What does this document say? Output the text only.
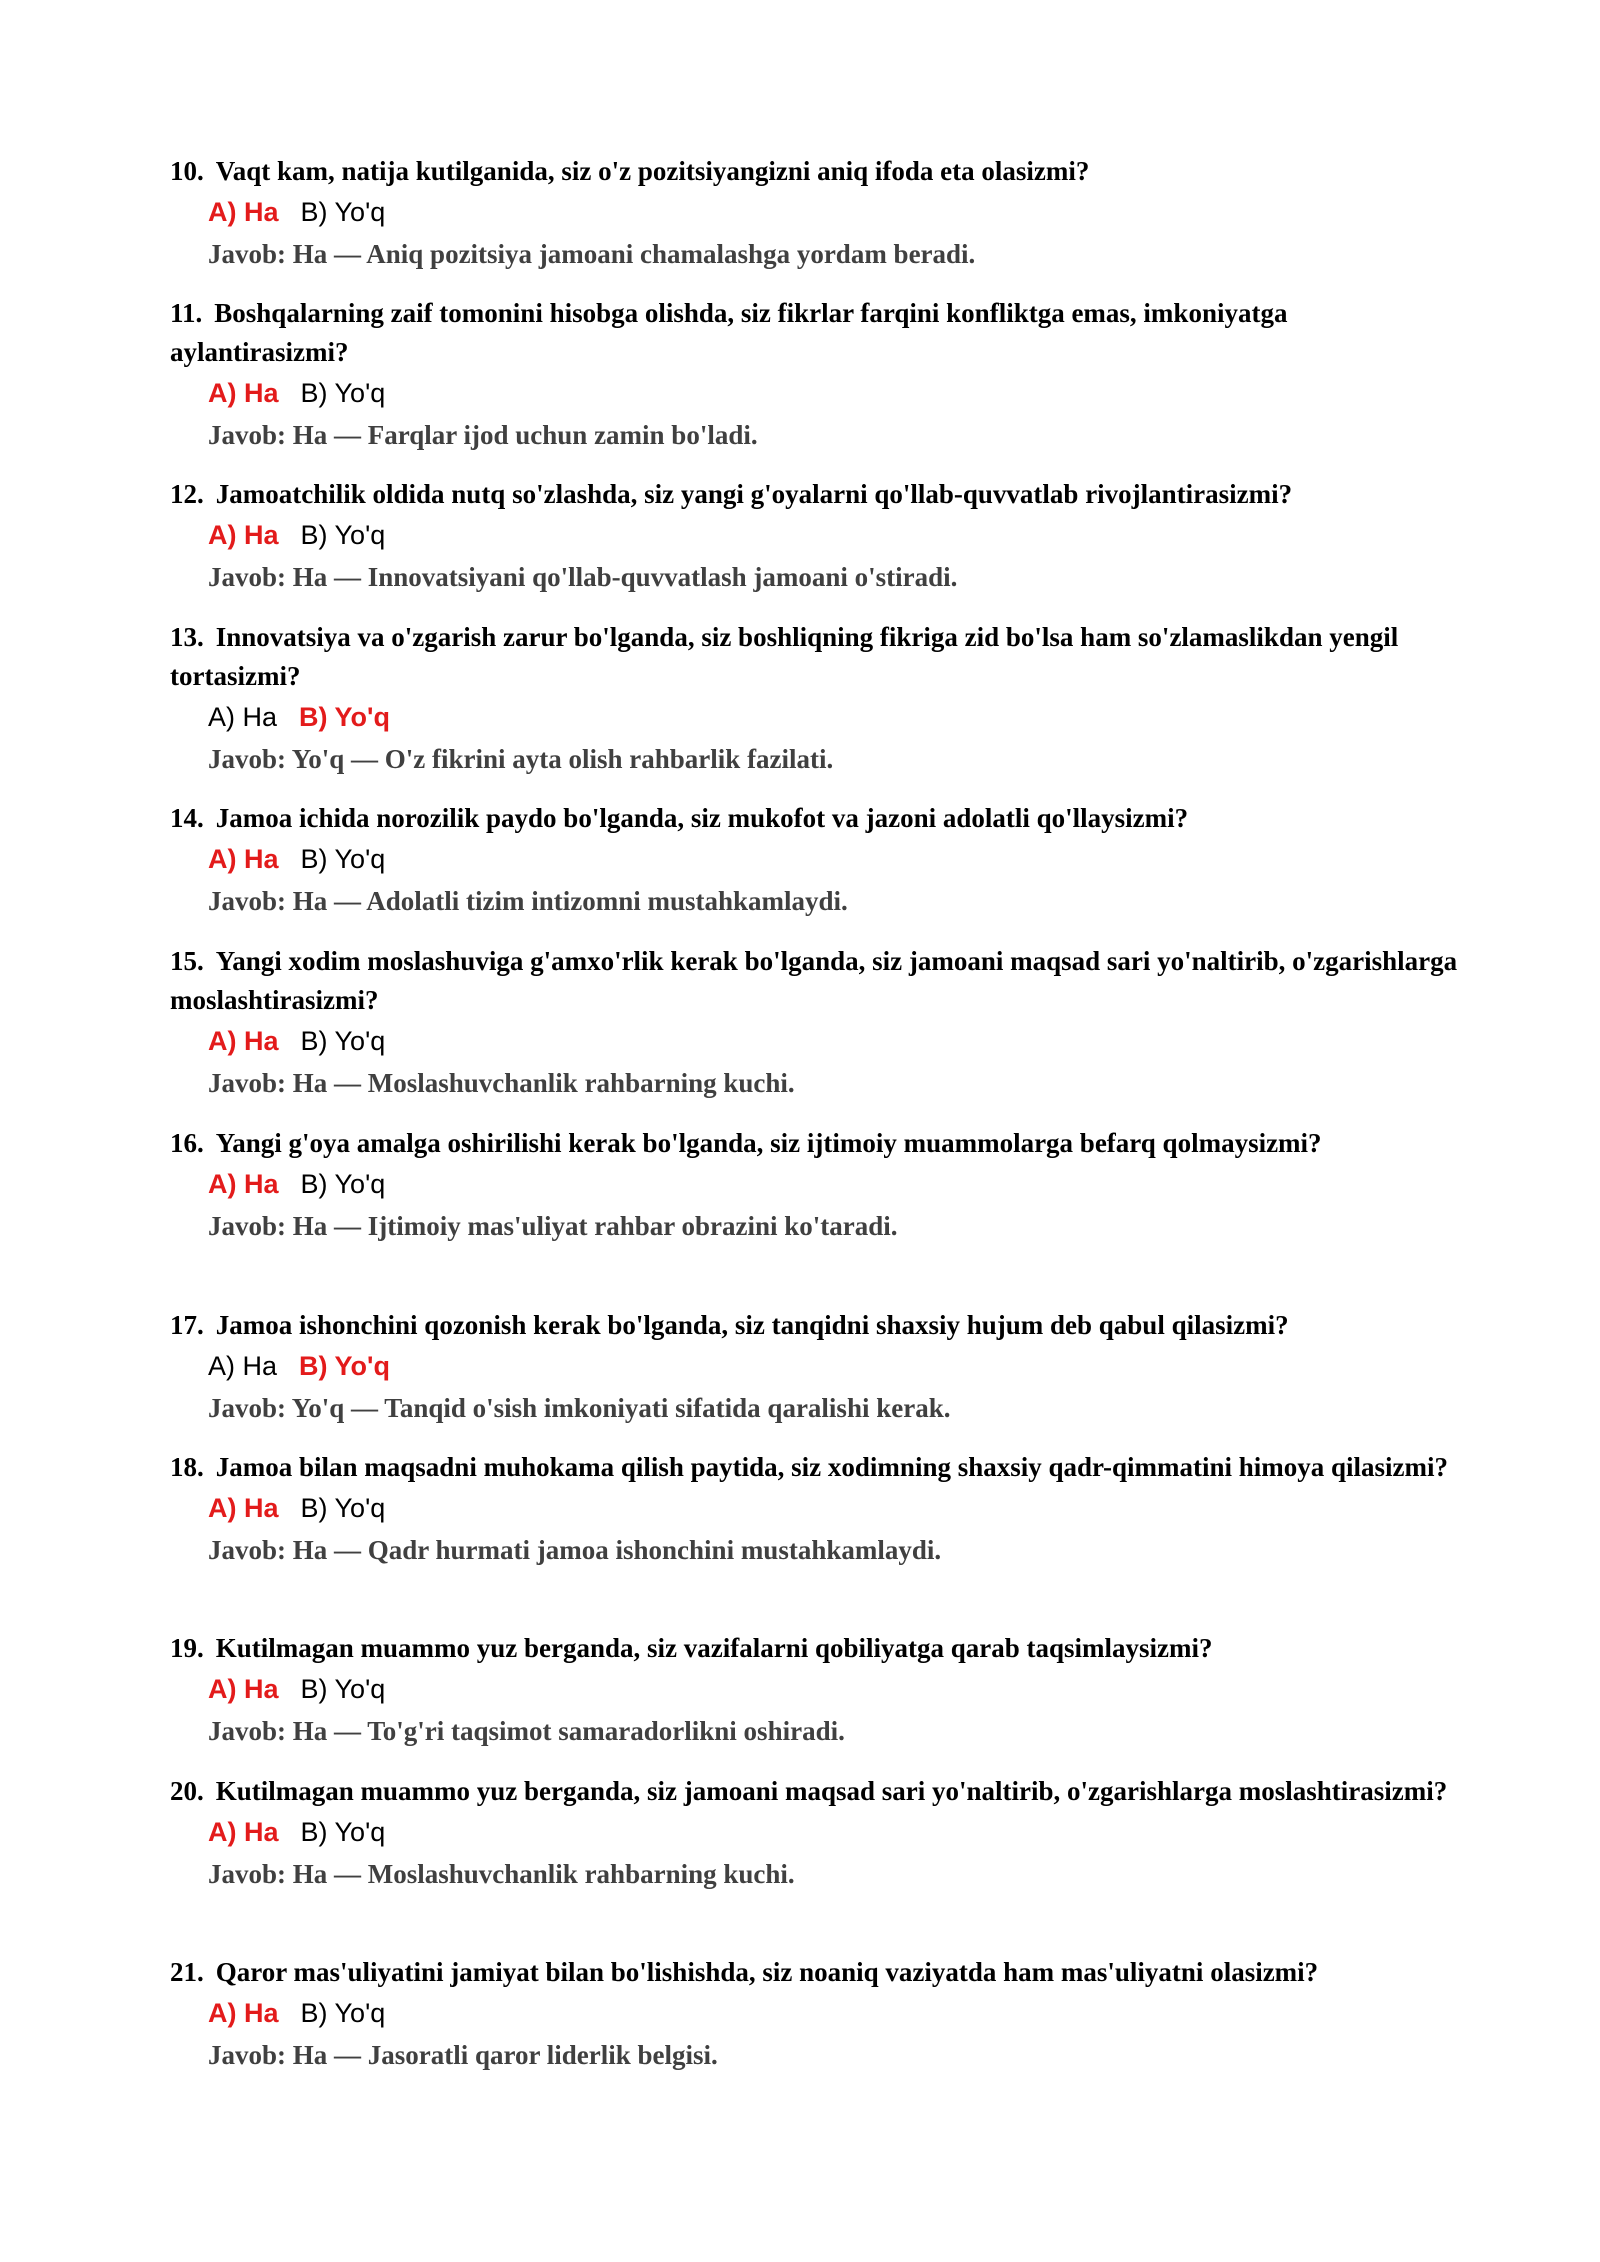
10. Vaqt kam, natija kutilganida, siz o'z pozitsiyangizni aniq ifoda eta olasizmi?

A) Ha B) Yo'q
Javob: Ha — Aniq pozitsiya jamoani chamalashga yordam beradi.

11. Boshqalarning zaif tomonini hisobga olishda, siz fikrlar farqini konfliktga emas, imkoniyatga aylantirasizmi?

A) Ha B) Yo'q
Javob: Ha — Farqlar ijod uchun zamin bo'ladi.

12. Jamoatchilik oldida nutq so'zlashda, siz yangi g'oyalarni qo'llab-quvvatlab rivojlantirasizmi?

A) Ha B) Yo'q
Javob: Ha — Innovatsiyani qo'llab-quvvatlash jamoani o'stiradi.

13. Innovatsiya va o'zgarish zarur bo'lganda, siz boshliqning fikriga zid bo'lsa ham so'zlamaslikdan yengil tortasizmi?

A) Ha B) Yo'q
Javob: Yo'q — O'z fikrini ayta olish rahbarlik fazilati.

14. Jamoa ichida norozilik paydo bo'lganda, siz mukofot va jazoni adolatli qo'llaysizmi?

A) Ha B) Yo'q
Javob: Ha — Adolatli tizim intizomni mustahkamlaydi.

15. Yangi xodim moslashuviga g'amxo'rlik kerak bo'lganda, siz jamoani maqsad sari yo'naltirib, o'zgarishlarga moslashtirasizmi?

A) Ha B) Yo'q
Javob: Ha — Moslashuvchanlik rahbarning kuchi.

16. Yangi g'oya amalga oshirilishi kerak bo'lganda, siz ijtimoiy muammolarga befarq qolmaysizmi?

A) Ha B) Yo'q
Javob: Ha — Ijtimoiy mas'uliyat rahbar obrazini ko'taradi.

17. Jamoa ishonchini qozonish kerak bo'lganda, siz tanqidni shaxsiy hujum deb qabul qilasizmi?

A) Ha B) Yo'q
Javob: Yo'q — Tanqid o'sish imkoniyati sifatida qaralishi kerak.

18. Jamoa bilan maqsadni muhokama qilish paytida, siz xodimning shaxsiy qadr-qimmatini himoya qilasizmi?

A) Ha B) Yo'q
Javob: Ha — Qadr hurmati jamoa ishonchini mustahkamlaydi.

19. Kutilmagan muammo yuz berganda, siz vazifalarni qobiliyatga qarab taqsimlaysizmi?

A) Ha B) Yo'q
Javob: Ha — To'g'ri taqsimot samaradorlikni oshiradi.

20. Kutilmagan muammo yuz berganda, siz jamoani maqsad sari yo'naltirib, o'zgarishlarga moslashtirasizmi?

A) Ha B) Yo'q
Javob: Ha — Moslashuvchanlik rahbarning kuchi.

21. Qaror mas'uliyatini jamiyat bilan bo'lishishda, siz noaniq vaziyatda ham mas'uliyatni olasizmi?

A) Ha B) Yo'q
Javob: Ha — Jasoratli qaror liderlik belgisi.
